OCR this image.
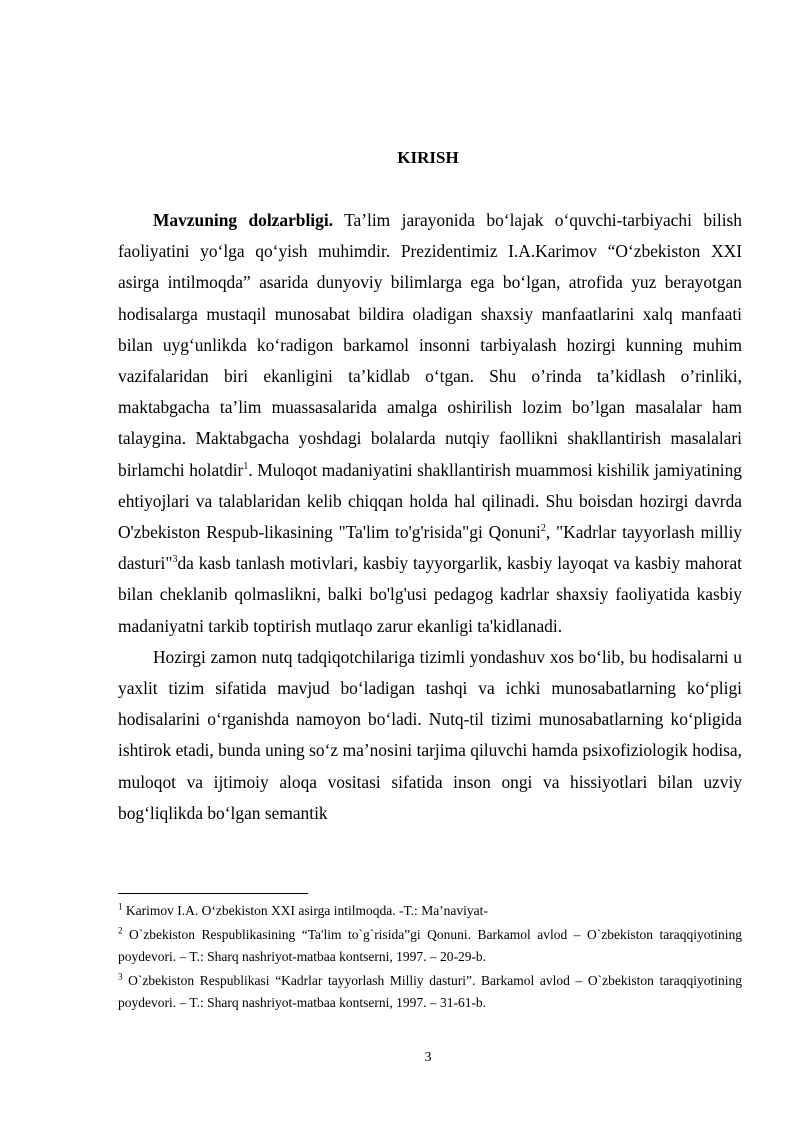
KIRISH

Mavzuning dolzarbligi. Ta’lim jarayonida bo‘lajak o‘quvchi-tarbiyachi bilish faoliyatini yo‘lga qo‘yish muhimdir. Prezidentimiz I.A.Karimov “O‘zbekiston XXI asirga intilmoqda” asarida dunyoviy bilimlarga ega bo‘lgan, atrofida yuz berayotgan hodisalarga mustaqil munosabat bildira oladigan shaxsiy manfaatlarini xalq manfaati bilan uyg‘unlikda ko‘radigon barkamol insonni tarbiyalash hozirgi kunning muhim vazifalaridan biri ekanligini ta’kidlab o‘tgan. Shu o’rinda ta’kidlash o’rinliki, maktabgacha ta’lim muassasalarida amalga oshirilish lozim bo’lgan masalalar ham talaygina. Maktabgacha yoshdagi bolalarda nutqiy faollikni shakllantirish masalalari birlamchi holatdir$^1$. Muloqot madaniyatini shakllantirish muammosi kishilik jamiyatining ehtiyojlari va talablaridan kelib chiqqan holda hal qilinadi. Shu boisdan hozirgi davrda O'zbekiston Respub-likasining "Ta'lim to'g'risida"gi Qonuni$^2$, "Kadrlar tayyorlash milliy dasturi"$^3$da kasb tanlash motivlari, kasbiy tayyorgarlik, kasbiy layoqat va kasbiy mahorat bilan cheklanib qolmaslikni, balki bo'lg'usi pedagog kadrlar shaxsiy faoliyatida kasbiy madaniyatni tarkib toptirish mutlaqo zarur ekanligi ta'kidlanadi.

Hozirgi zamon nutq tadqiqotchilariga tizimli yondashuv xos bo‘lib, bu hodisalarni u yaxlit tizim sifatida mavjud bo‘ladigan tashqi va ichki munosabatlarning ko‘pligi hodisalarini o‘rganishda namoyon bo‘ladi. Nutq-til tizimi munosabatlarning ko‘pligida ishtirok etadi, bunda uning so‘z ma’nosini tarjima qiluvchi hamda psixofiziologik hodisa, muloqot va ijtimoiy aloqa vositasi sifatida inson ongi va hissiyotlari bilan uzviy bog‘liqlikda bo‘lgan semantik

$^1$ Karimov I.A. O‘zbekiston XXI asirga intilmoqda. -T.: Ma’naviyat-

$^2$ O`zbekiston Respublikasining “Ta'lim to`g`risida”gi Qonuni. Barkamol avlod – O`zbekiston taraqqiyotining poydevori. – T.: Sharq nashriyot-matbaa kontserni, 1997. – 20-29-b.

$^3$ O`zbekiston Respublikasi “Kadrlar tayyorlash Milliy dasturi”. Barkamol avlod – O`zbekiston taraqqiyotining poydevori. – T.: Sharq nashriyot-matbaa kontserni, 1997. – 31-61-b.

3
